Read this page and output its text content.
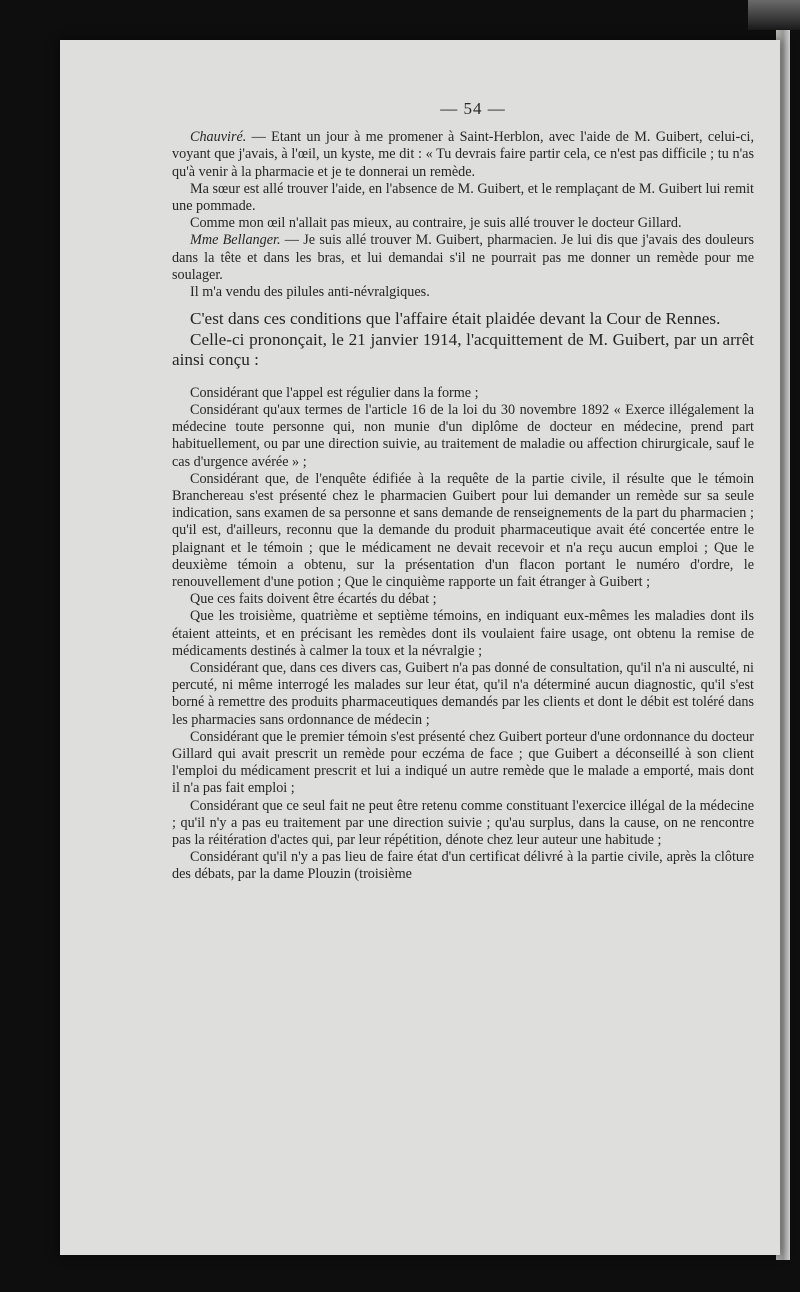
— 54 —

Chauviré. — Etant un jour à me promener à Saint-Herblon, avec l'aide de M. Guibert, celui-ci, voyant que j'avais, à l'œil, un kyste, me dit : « Tu devrais faire partir cela, ce n'est pas difficile ; tu n'as qu'à venir à la pharmacie et je te donnerai un remède.

Ma sœur est allé trouver l'aide, en l'absence de M. Guibert, et le remplaçant de M. Guibert lui remit une pommade.

Comme mon œil n'allait pas mieux, au contraire, je suis allé trouver le docteur Gillard.

Mme Bellanger. — Je suis allé trouver M. Guibert, pharmacien. Je lui dis que j'avais des douleurs dans la tête et dans les bras, et lui demandai s'il ne pourrait pas me donner un remède pour me soulager.

Il m'a vendu des pilules anti-névralgiques.

C'est dans ces conditions que l'affaire était plaidée devant la Cour de Rennes.

Celle-ci prononçait, le 21 janvier 1914, l'acquittement de M. Guibert, par un arrêt ainsi conçu :

Considérant que l'appel est régulier dans la forme ;

Considérant qu'aux termes de l'article 16 de la loi du 30 novembre 1892 « Exerce illégalement la médecine toute personne qui, non munie d'un diplôme de docteur en médecine, prend part habituellement, ou par une direction suivie, au traitement de maladie ou affection chirurgicale, sauf le cas d'urgence avérée » ;

Considérant que, de l'enquête édifiée à la requête de la partie civile, il résulte que le témoin Branchereau s'est présenté chez le pharmacien Guibert pour lui demander un remède sur sa seule indication, sans examen de sa personne et sans demande de renseignements de la part du pharmacien ; qu'il est, d'ailleurs, reconnu que la demande du produit pharmaceutique avait été concertée entre le plaignant et le témoin ; que le médicament ne devait recevoir et n'a reçu aucun emploi ; Que le deuxième témoin a obtenu, sur la présentation d'un flacon portant le numéro d'ordre, le renouvellement d'une potion ; Que le cinquième rapporte un fait étranger à Guibert ;

Que ces faits doivent être écartés du débat ;

Que les troisième, quatrième et septième témoins, en indiquant eux-mêmes les maladies dont ils étaient atteints, et en précisant les remèdes dont ils voulaient faire usage, ont obtenu la remise de médicaments destinés à calmer la toux et la névralgie ;

Considérant que, dans ces divers cas, Guibert n'a pas donné de consultation, qu'il n'a ni ausculté, ni percuté, ni même interrogé les malades sur leur état, qu'il n'a déterminé aucun diagnostic, qu'il s'est borné à remettre des produits pharmaceutiques demandés par les clients et dont le débit est toléré dans les pharmacies sans ordonnance de médecin ;

Considérant que le premier témoin s'est présenté chez Guibert porteur d'une ordonnance du docteur Gillard qui avait prescrit un remède pour eczéma de face ; que Guibert a déconseillé à son client l'emploi du médicament prescrit et lui a indiqué un autre remède que le malade a emporté, mais dont il n'a pas fait emploi ;

Considérant que ce seul fait ne peut être retenu comme constituant l'exercice illégal de la médecine ; qu'il n'y a pas eu traitement par une direction suivie ; qu'au surplus, dans la cause, on ne rencontre pas la réitération d'actes qui, par leur répétition, dénote chez leur auteur une habitude ;

Considérant qu'il n'y a pas lieu de faire état d'un certificat délivré à la partie civile, après la clôture des débats, par la dame Plouzin (troisième
